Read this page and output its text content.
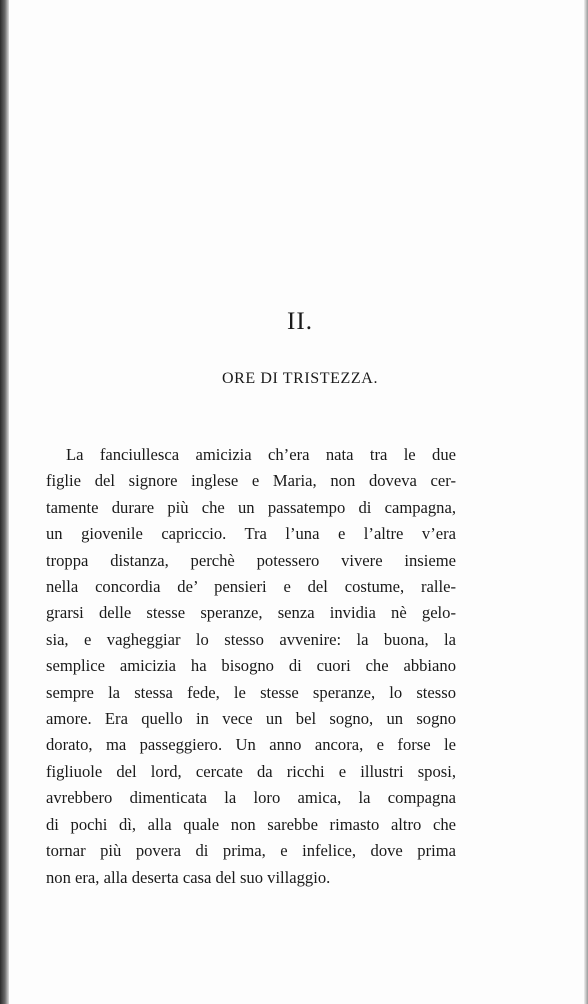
II.
ORE DI TRISTEZZA.
La fanciullesca amicizia ch’era nata tra le due
figlie del signore inglese e Maria, non doveva cer-
tamente durare più che un passatempo di campagna,
un giovenile capriccio. Tra l’una e l’altre v’era
troppa distanza, perchè potessero vivere insieme
nella concordia de’ pensieri e del costume, ralle-
grarsi delle stesse speranze, senza invidia nè gelo-
sia, e vagheggiar lo stesso avvenire: la buona, la
semplice amicizia ha bisogno di cuori che abbiano
sempre la stessa fede, le stesse speranze, lo stesso
amore. Era quello in vece un bel sogno, un sogno
dorato, ma passeggiero. Un anno ancora, e forse le
figliuole del lord, cercate da ricchi e illustri sposi,
avrebbero dimenticata la loro amica, la compagna
di pochi dì, alla quale non sarebbe rimasto altro che
tornar più povera di prima, e infelice, dove prima
non era, alla deserta casa del suo villaggio.
